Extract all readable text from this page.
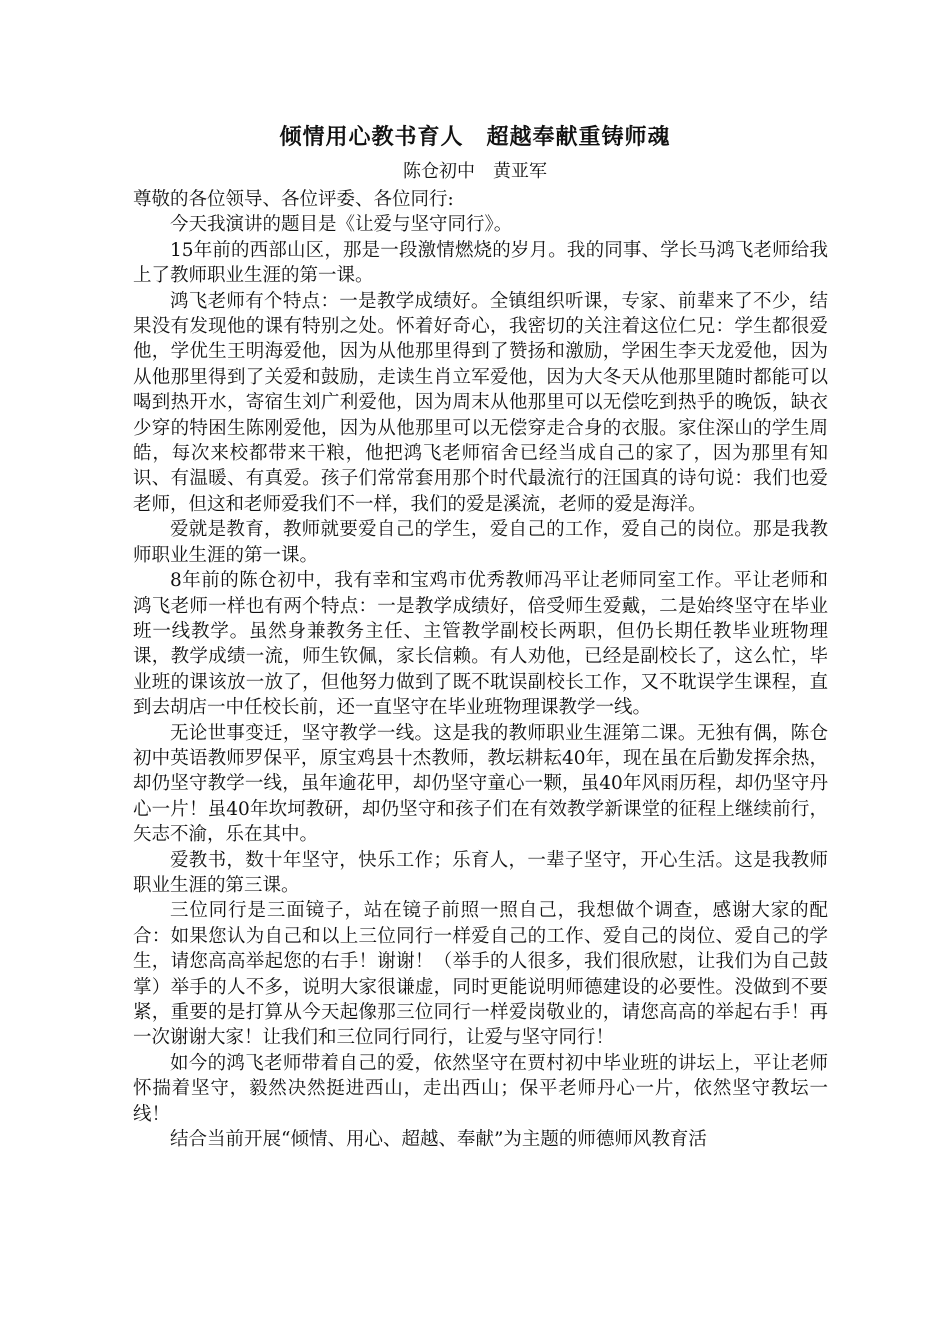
倾情用心教书育人　超越奉献重铸师魂
陈仓初中　黄亚军

尊敬的各位领导、各位评委、各位同行:

今天我演讲的题目是《让爱与坚守同行》。

15年前的西部山区，那是一段激情燃烧的岁月。我的同事、学长马鸿飞老师给我上了教师职业生涯的第一课。

鸿飞老师有个特点：一是教学成绩好。全镇组织听课，专家、前辈来了不少，结果没有发现他的课有特别之处。怀着好奇心，我密切的关注着这位仁兄：学生都很爱他，学优生王明海爱他，因为从他那里得到了赞扬和激励，学困生李天龙爱他，因为从他那里得到了关爱和鼓励，走读生肖立军爱他，因为大冬天从他那里随时都能可以喝到热开水，寄宿生刘广利爱他，因为周末从他那里可以无偿吃到热乎的晚饭，缺衣少穿的特困生陈刚爱他，因为从他那里可以无偿穿走合身的衣服。家住深山的学生周皓，每次来校都带来干粮，他把鸿飞老师宿舍已经当成自己的家了，因为那里有知识、有温暖、有真爱。孩子们常常套用那个时代最流行的汪国真的诗句说：我们也爱老师，但这和老师爱我们不一样，我们的爱是溪流，老师的爱是海洋。

爱就是教育，教师就要爱自己的学生，爱自己的工作，爱自己的岗位。那是我教师职业生涯的第一课。

8年前的陈仓初中，我有幸和宝鸡市优秀教师冯平让老师同室工作。平让老师和鸿飞老师一样也有两个特点：一是教学成绩好，倍受师生爱戴，二是始终坚守在毕业班一线教学。虽然身兼教务主任、主管教学副校长两职，但仍长期任教毕业班物理课，教学成绩一流，师生钦佩，家长信赖。有人劝他，已经是副校长了，这么忙，毕业班的课该放一放了，但他努力做到了既不耽误副校长工作，又不耽误学生课程，直到去胡店一中任校长前，还一直坚守在毕业班物理课教学一线。

无论世事变迁，坚守教学一线。这是我的教师职业生涯第二课。无独有偶，陈仓初中英语教师罗保平，原宝鸡县十杰教师，教坛耕耘40年，现在虽在后勤发挥余热，却仍坚守教学一线，虽年逾花甲，却仍坚守童心一颗，虽40年风雨历程，却仍坚守丹心一片！虽40年坎坷教研，却仍坚守和孩子们在有效教学新课堂的征程上继续前行，矢志不渝，乐在其中。

爱教书，数十年坚守，快乐工作；乐育人，一辈子坚守，开心生活。这是我教师职业生涯的第三课。

三位同行是三面镜子，站在镜子前照一照自己，我想做个调查，感谢大家的配合：如果您认为自己和以上三位同行一样爱自己的工作、爱自己的岗位、爱自己的学生，请您高高举起您的右手！谢谢！（举手的人很多，我们很欣慰，让我们为自己鼓掌）举手的人不多，说明大家很谦虚，同时更能说明师德建设的必要性。没做到不要紧，重要的是打算从今天起像那三位同行一样爱岗敬业的，请您高高的举起右手！再一次谢谢大家！让我们和三位同行同行，让爱与坚守同行！

如今的鸿飞老师带着自己的爱，依然坚守在贾村初中毕业班的讲坛上，平让老师怀揣着坚守，毅然决然挺进西山，走出西山；保平老师丹心一片，依然坚守教坛一线！

结合当前开展“倾情、用心、超越、奉献”为主题的师德师风教育活
